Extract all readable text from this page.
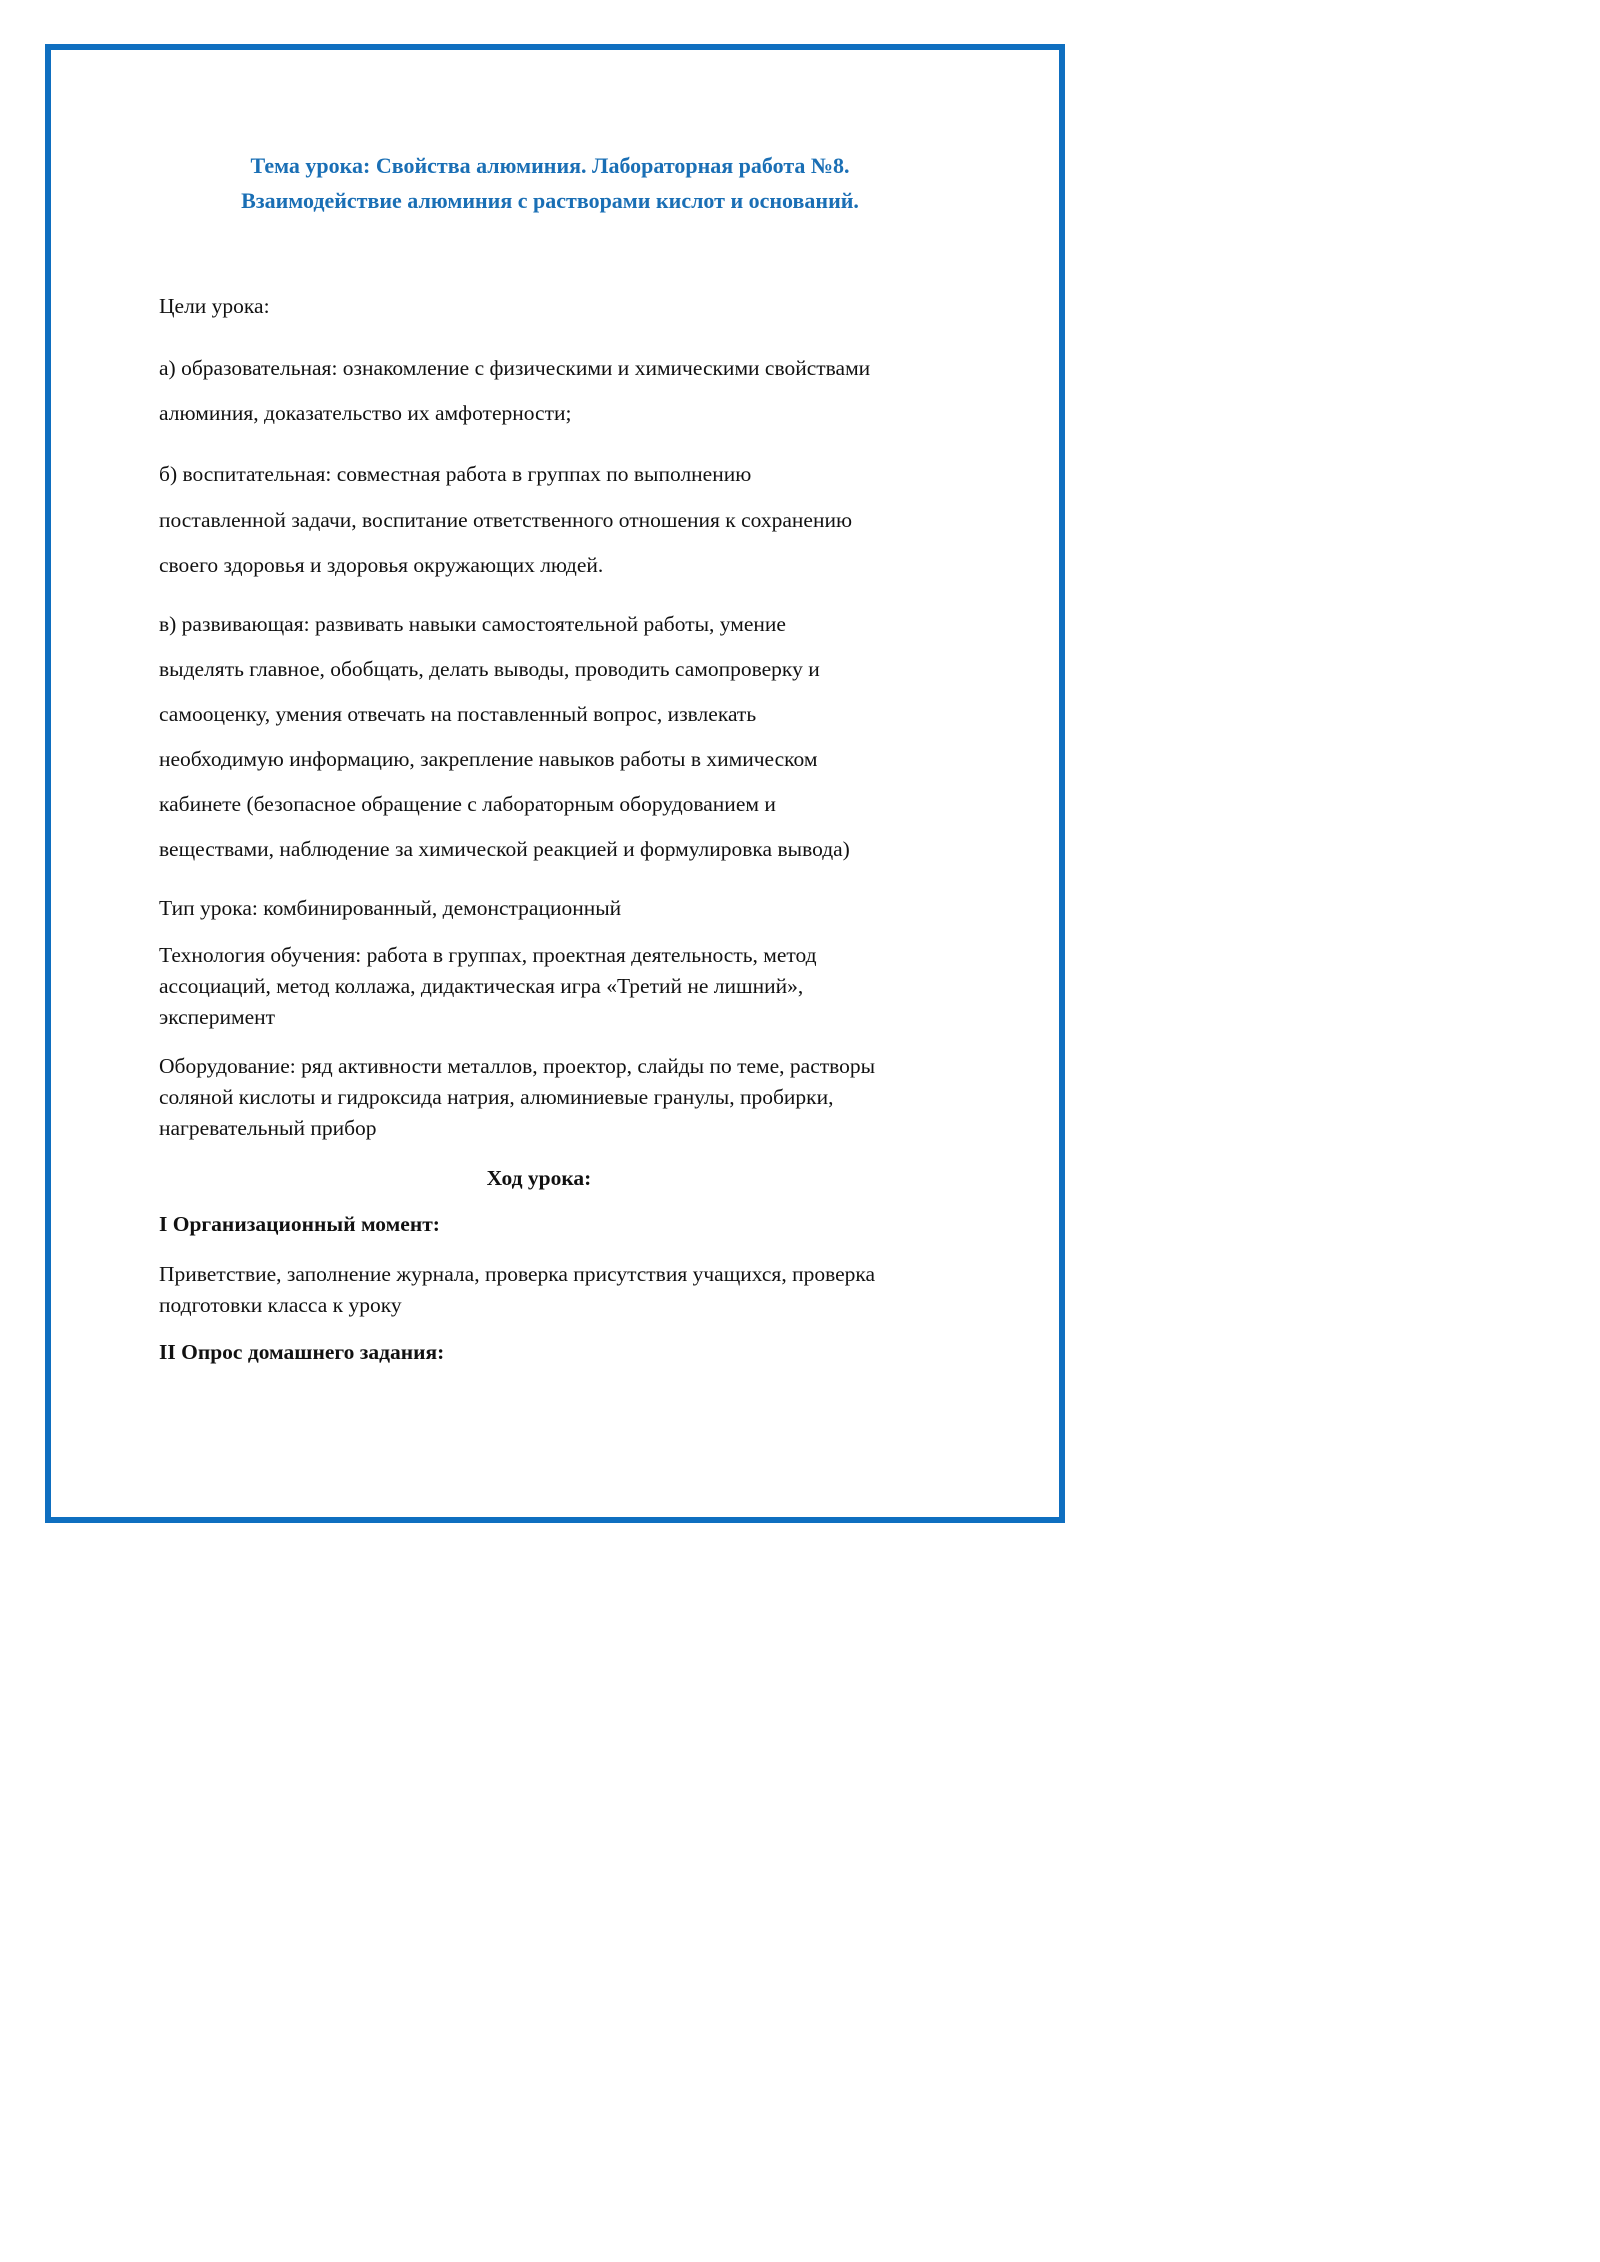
Тема урока: Свойства алюминия. Лабораторная работа №8.
Взаимодействие алюминия с растворами кислот и оснований.
Цели урока:
а) образовательная: ознакомление с физическими и химическими свойствами
алюминия, доказательство их амфотерности;
б) воспитательная: совместная работа в группах по выполнению
поставленной задачи, воспитание ответственного отношения к сохранению
своего здоровья и здоровья окружающих людей.
в) развивающая: развивать навыки самостоятельной работы, умение
выделять главное, обобщать, делать выводы, проводить самопроверку и
самооценку, умения отвечать на поставленный вопрос, извлекать
необходимую информацию, закрепление навыков работы в химическом
кабинете (безопасное обращение с лабораторным оборудованием и
веществами, наблюдение за химической реакцией и формулировка вывода)
Тип урока: комбинированный, демонстрационный
Технология обучения: работа в группах, проектная деятельность, метод
ассоциаций, метод коллажа, дидактическая игра «Третий не лишний»,
эксперимент
Оборудование: ряд активности металлов, проектор, слайды по теме, растворы
соляной кислоты и гидроксида натрия, алюминиевые гранулы, пробирки,
нагревательный прибор
Ход урока:
I Организационный момент:
Приветствие, заполнение журнала, проверка присутствия учащихся, проверка
подготовки класса к уроку
II Опрос домашнего задания:
